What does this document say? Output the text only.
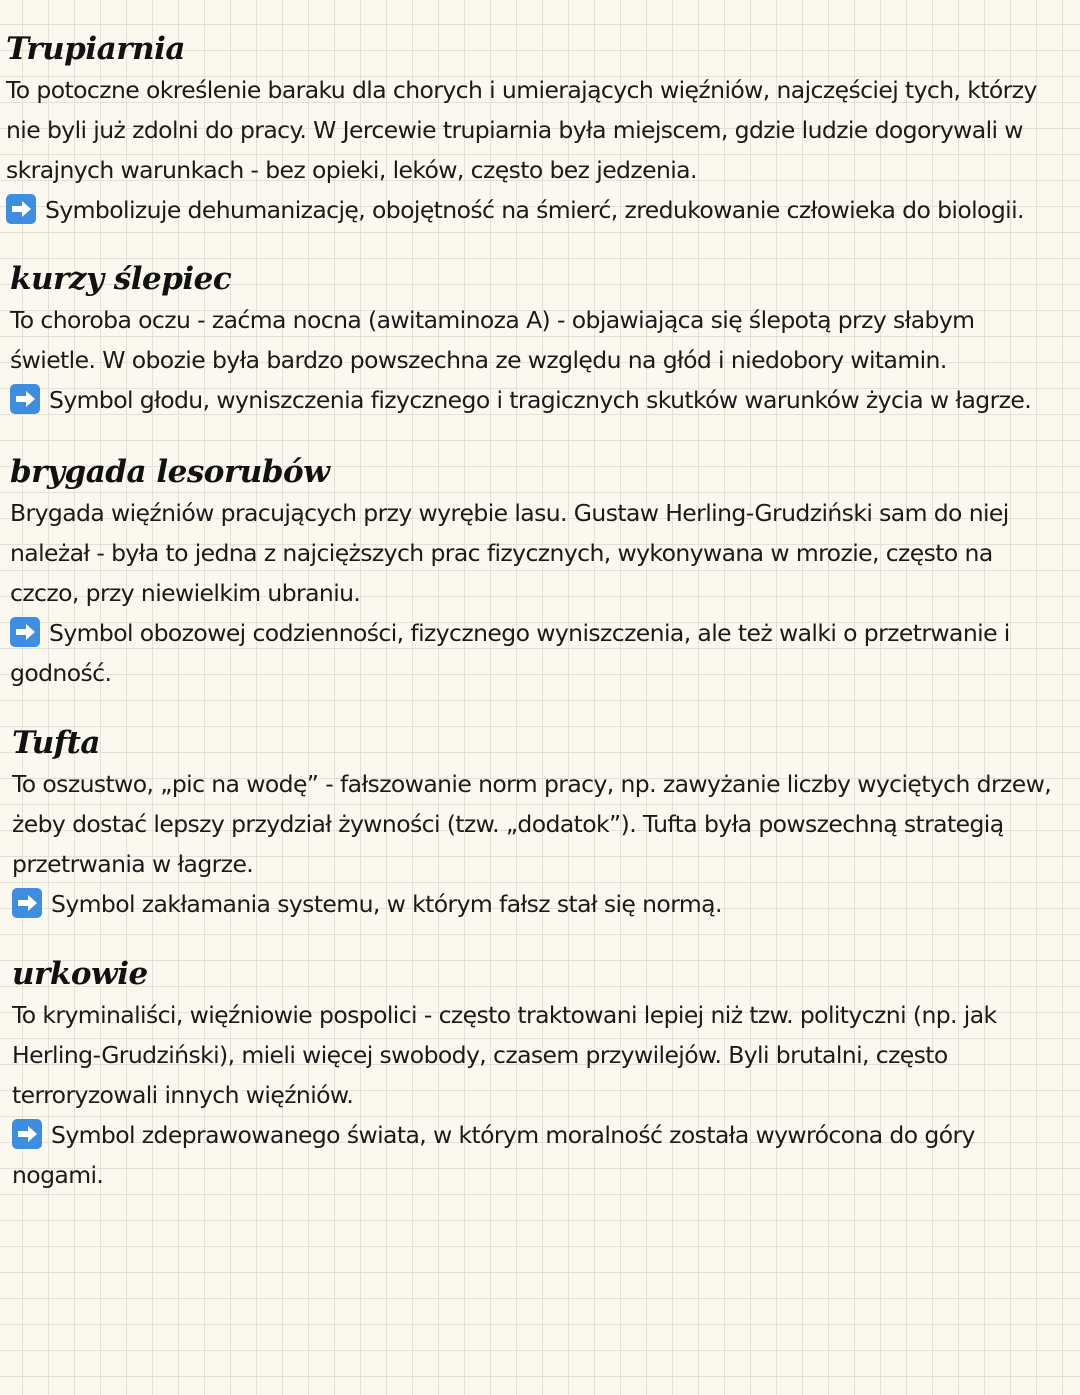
Trupiarnia

To potoczne określenie baraku dla chorych i umierających więźniów, najczęściej tych, którzy nie byli już zdolni do pracy. W Jercewie trupiarnia była miejscem, gdzie ludzie dogorywali w skrajnych warunkach - bez opieki, leków, często bez jedzenia.

Symbolizuje dehumanizację, obojętność na śmierć, zredukowanie człowieka do biologii.

kurzy ślepiec

To choroba oczu - zaćma nocna (awitaminoza A) - objawiająca się ślepotą przy słabym świetle. W obozie była bardzo powszechna ze względu na głód i niedobory witamin.

Symbol głodu, wyniszczenia fizycznego i tragicznych skutków warunków życia w łagrze.

brygada lesorubów

Brygada więźniów pracujących przy wyrębie lasu. Gustaw Herling-Grudziński sam do niej należał - była to jedna z najcięższych prac fizycznych, wykonywana w mrozie, często na czczo, przy niewielkim ubraniu.

Symbol obozowej codzienności, fizycznego wyniszczenia, ale też walki o przetrwanie i godność.

Tufta

To oszustwo, „pic na wodę” - fałszowanie norm pracy, np. zawyżanie liczby wyciętych drzew, żeby dostać lepszy przydział żywności (tzw. „dodatok”). Tufta była powszechną strategią przetrwania w łagrze.

Symbol zakłamania systemu, w którym fałsz stał się normą.

urkowie

To kryminaliści, więźniowie pospolici - często traktowani lepiej niż tzw. polityczni (np. jak Herling-Grudziński), mieli więcej swobody, czasem przywilejów. Byli brutalni, często terroryzowali innych więźniów.

Symbol zdeprawowanego świata, w którym moralność została wywrócona do góry nogami.
